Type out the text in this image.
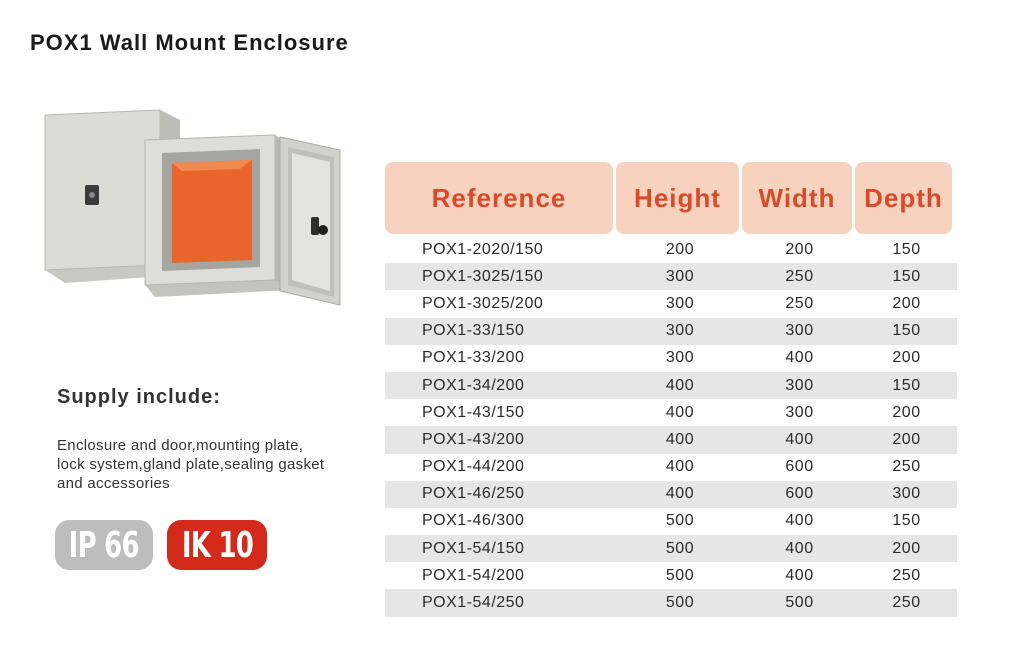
POX1 Wall Mount Enclosure
Supply include:
Enclosure and door,mounting plate,
lock system,gland plate,sealing gasket
and accessories
IP 66 IK 10
Reference	Height	Width	Depth
POX1-2020/150	200	200	150
POX1-3025/150	300	250	150
POX1-3025/200	300	250	200
POX1-33/150	300	300	150
POX1-33/200	300	400	200
POX1-34/200	400	300	150
POX1-43/150	400	300	200
POX1-43/200	400	400	200
POX1-44/200	400	600	250
POX1-46/250	400	600	300
POX1-46/300	500	400	150
POX1-54/150	500	400	200
POX1-54/200	500	400	250
POX1-54/250	500	500	250
